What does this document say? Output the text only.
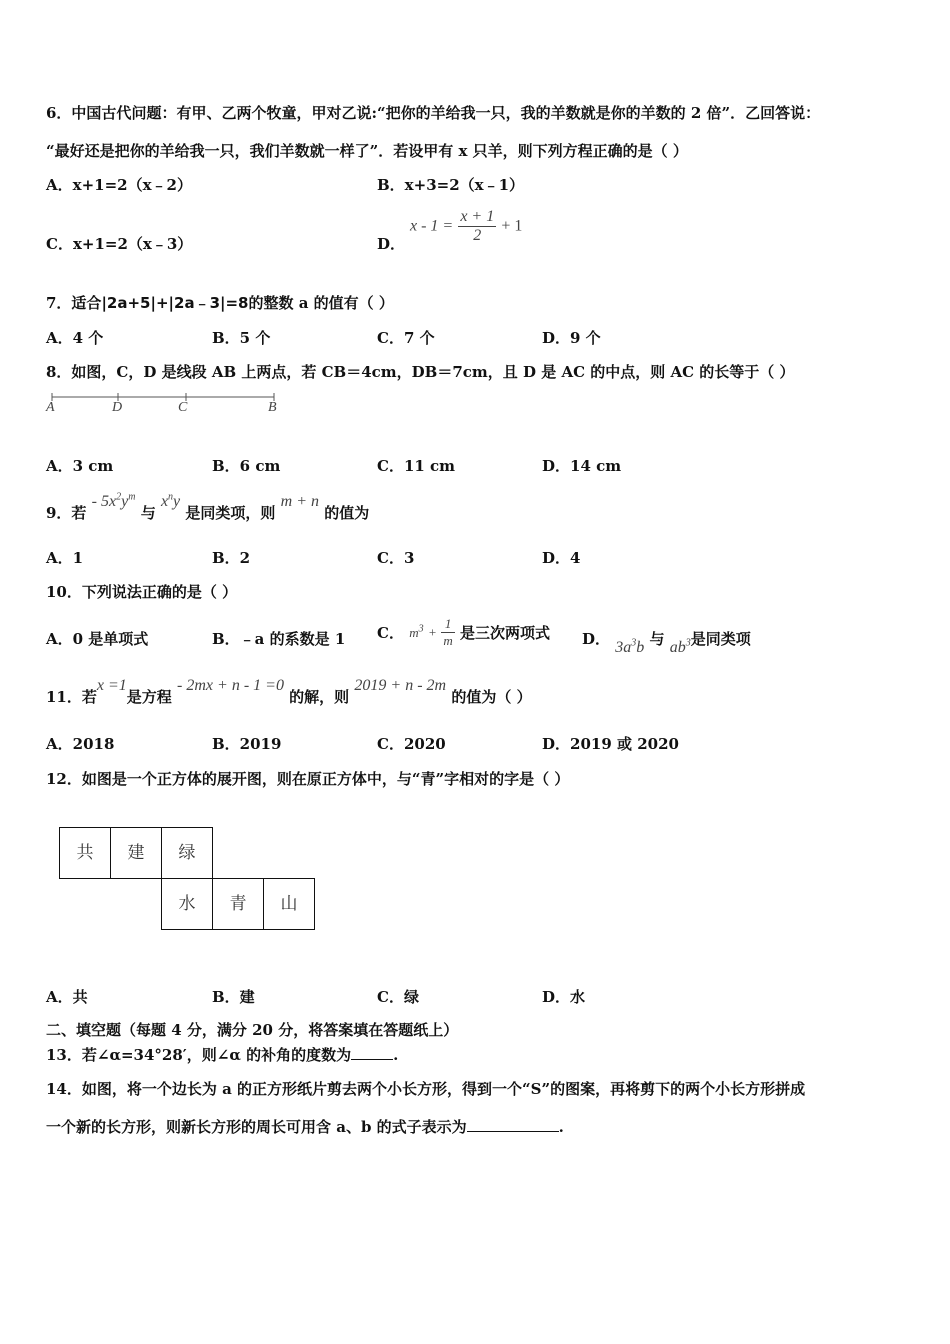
6．中国古代问题：有甲、乙两个牧童，甲对乙说:“把你的羊给我一只，我的羊数就是你的羊数的 2 倍”．乙回答说：
“最好还是把你的羊给我一只，我们羊数就一样了”．若设甲有 x 只羊，则下列方程正确的是（ ）
A．x+1=2（x﹣2）	B．x+3=2（x﹣1）
C．x+1=2（x﹣3）	D．
$x - 1 = \frac{x + 1}{2} + 1$
7．适合|2a+5|+|2a﹣3|=8的整数 a 的值有（ ）
A．4 个	B．5 个	C．7 个	D．9 个
8．如图，C，D 是线段 AB 上两点，若 CB＝4cm，DB＝7cm，且 D 是 AC 的中点，则 AC 的长等于（ ）
A	D	C	B
A．3 cm	B．6 cm	C．11 cm	D．14 cm
9．若 - $5x^2y^m$ 与 $x^ny$ 是同类项，则 m + n 的值为
A．1	B．2	C．3	D．4
10．下列说法正确的是（ ）
A．0 是单项式	B．﹣a 的系数是 1 C． $m^3 + \frac{1}{m}$ 是三次两项式 D． $3a^3b$ 与 $ab^3$是同类项
11．若x =1是方程 - 2mx + n - 1 =0 的解，则 2019 + n - 2m 的值为（ ）
A．2018	B．2019	C．2020	D．2019 或 2020
12．如图是一个正方体的展开图，则在原正方体中，与“青”字相对的字是（ ）
共	建	绿
水	青	山
A．共	B．建	C．绿	D．水
二、填空题（每题 4 分，满分 20 分，将答案填在答题纸上）
13．若∠α=34°28′，则∠α 的补角的度数为	.
14．如图，将一个边长为 a 的正方形纸片剪去两个小长方形，得到一个“S”的图案，再将剪下的两个小长方形拼成
一个新的长方形，则新长方形的周长可用含 a、b 的式子表示为	.
